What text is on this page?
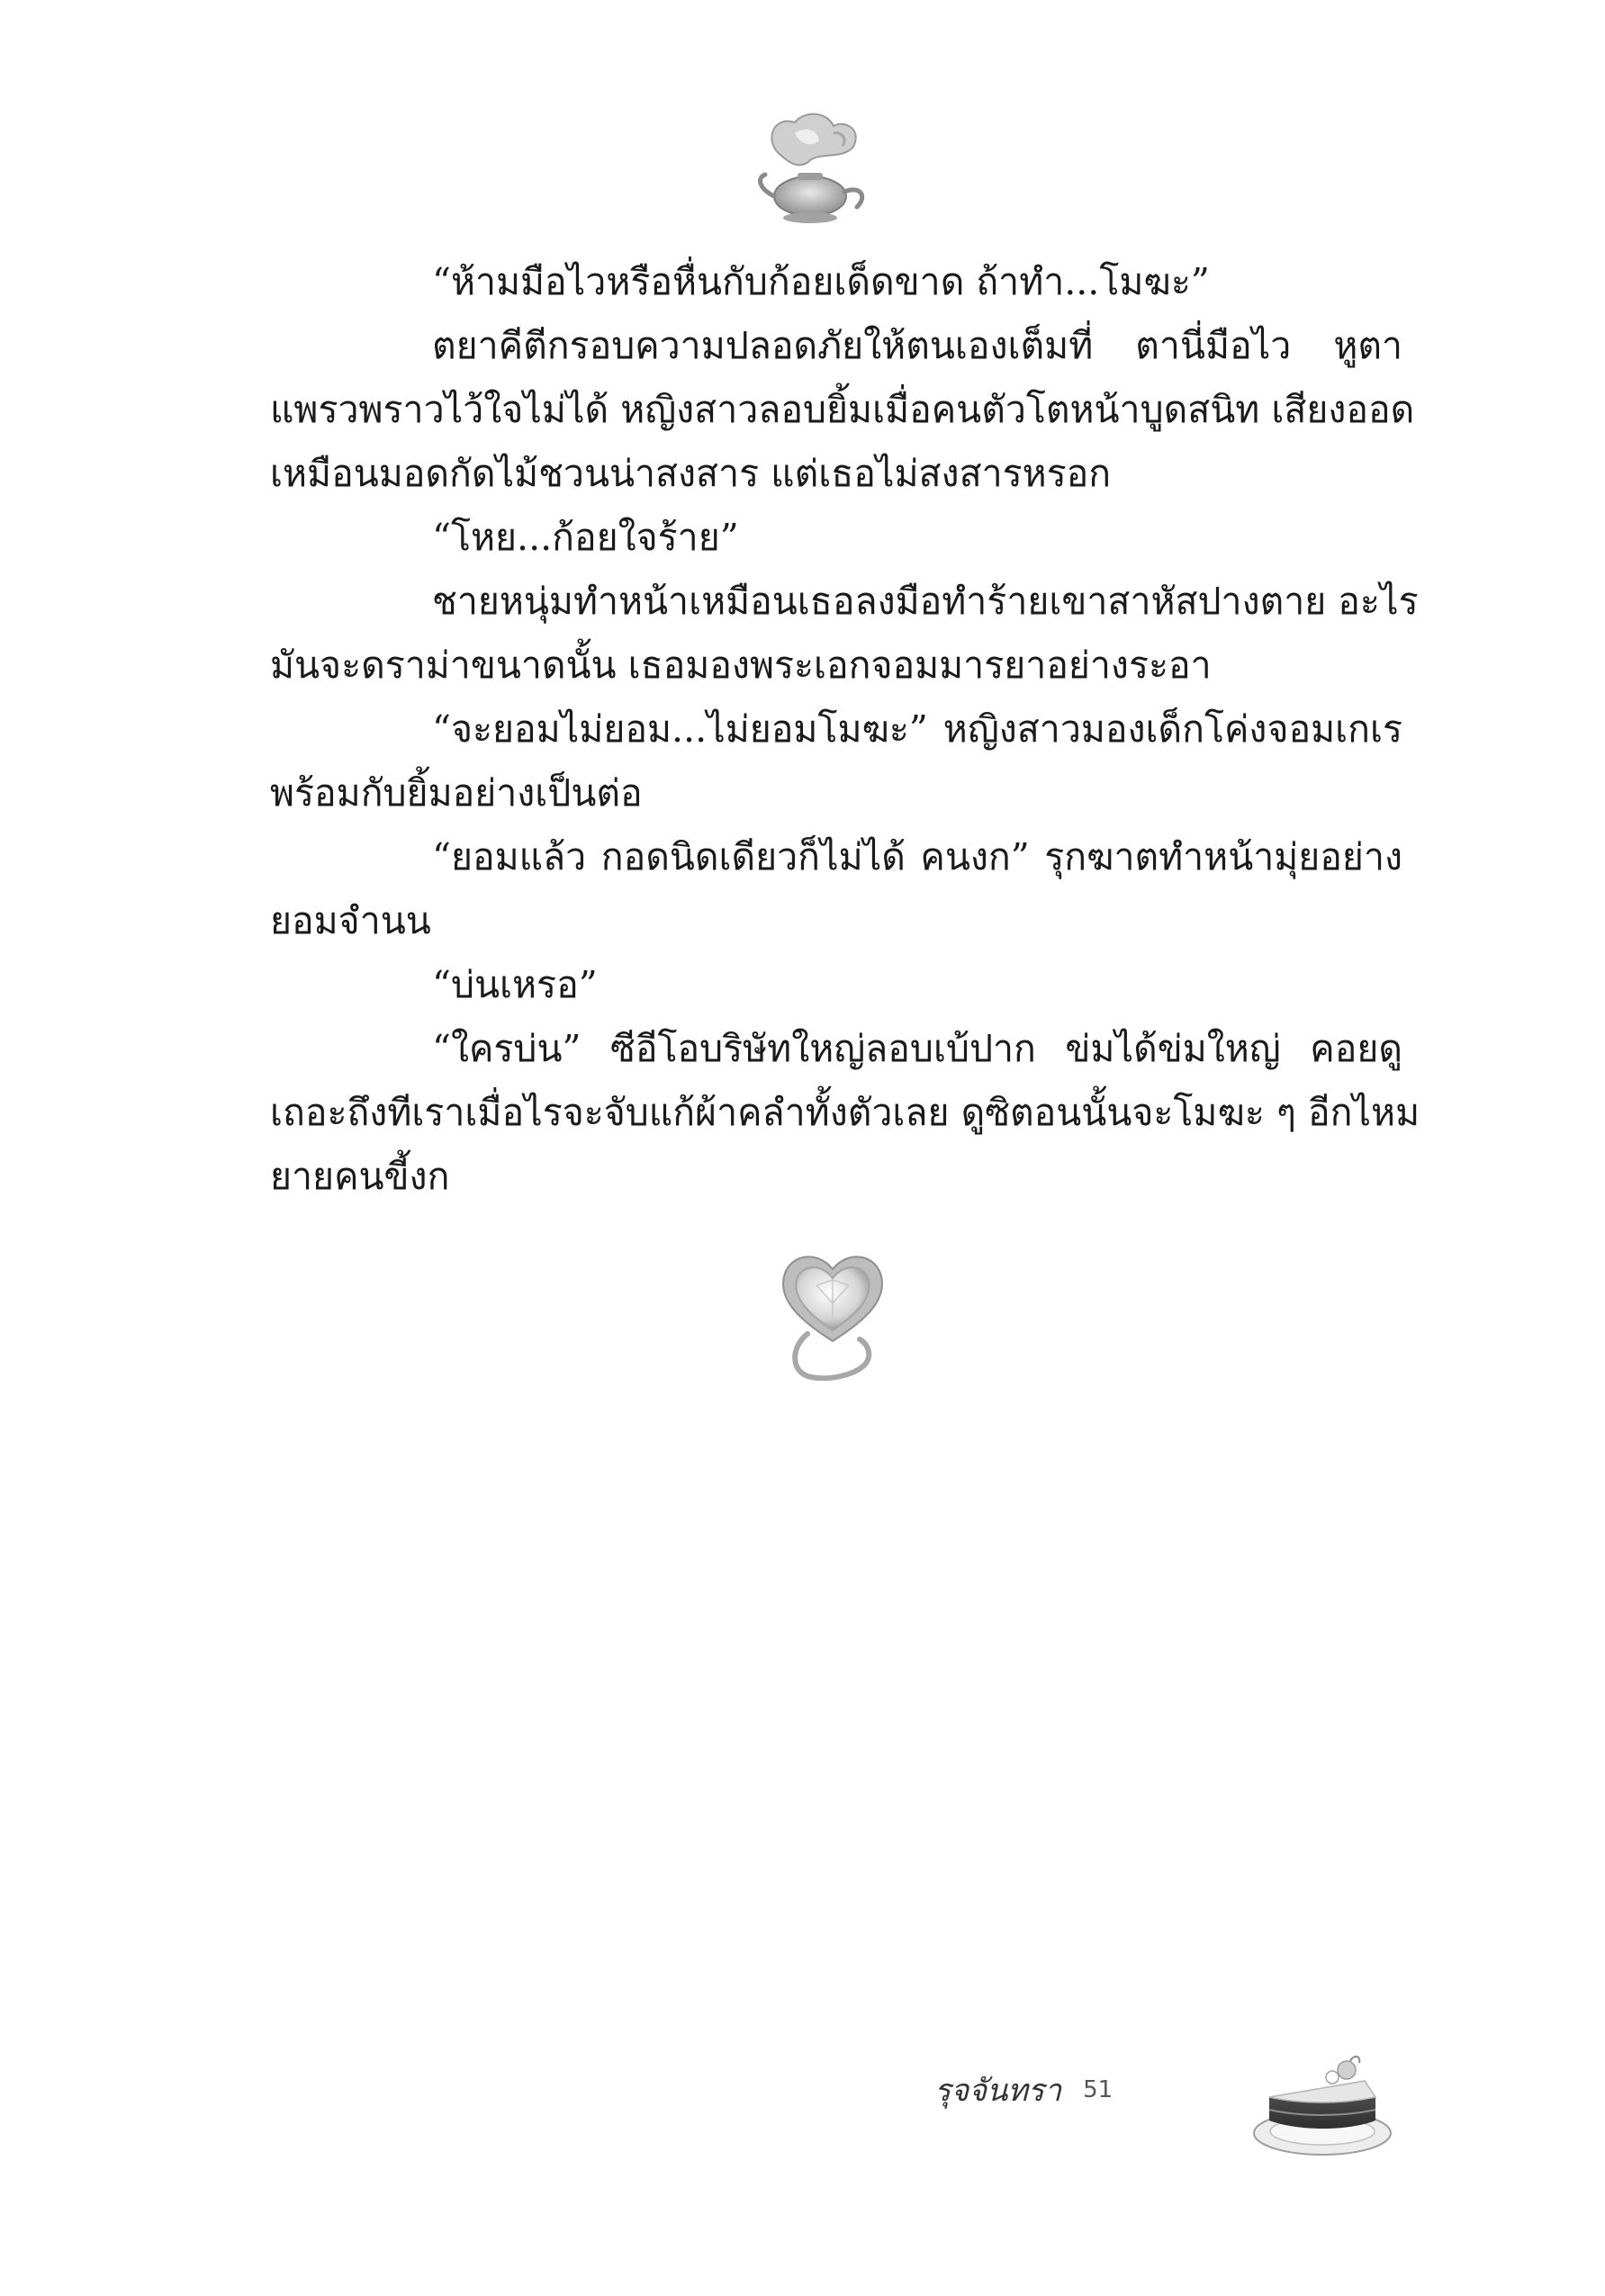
“ห้ามมือไวหรือหื่นกับก้อยเด็ดขาด ถ้าทำ...โมฆะ”
ตยาคีตีกรอบความปลอดภัยให้ตนเองเต็มที่ ตานี่มือไว หูตา
แพรวพราวไว้ใจไม่ได้ หญิงสาวลอบยิ้มเมื่อคนตัวโตหน้าบูดสนิท เสียงออด
เหมือนมอดกัดไม้ชวนน่าสงสาร แต่เธอไม่สงสารหรอก
“โหย...ก้อยใจร้าย”
ชายหนุ่มทำหน้าเหมือนเธอลงมือทำร้ายเขาสาหัสปางตาย อะไร
มันจะดราม่าขนาดนั้น เธอมองพระเอกจอมมารยาอย่างระอา
“จะยอมไม่ยอม...ไม่ยอมโมฆะ” หญิงสาวมองเด็กโค่งจอมเกเร
พร้อมกับยิ้มอย่างเป็นต่อ
“ยอมแล้ว กอดนิดเดียวก็ไม่ได้ คนงก” รุกฆาตทำหน้ามุ่ยอย่าง
ยอมจำนน
“บ่นเหรอ”
“ใครบ่น” ซีอีโอบริษัทใหญ่ลอบเบ้ปาก ข่มได้ข่มใหญ่ คอยดู
เถอะถึงทีเราเมื่อไรจะจับแก้ผ้าคลำทั้งตัวเลย ดูซิตอนนั้นจะโมฆะ ๆ อีกไหม
ยายคนขี้งก
รุจจันทรา 51
